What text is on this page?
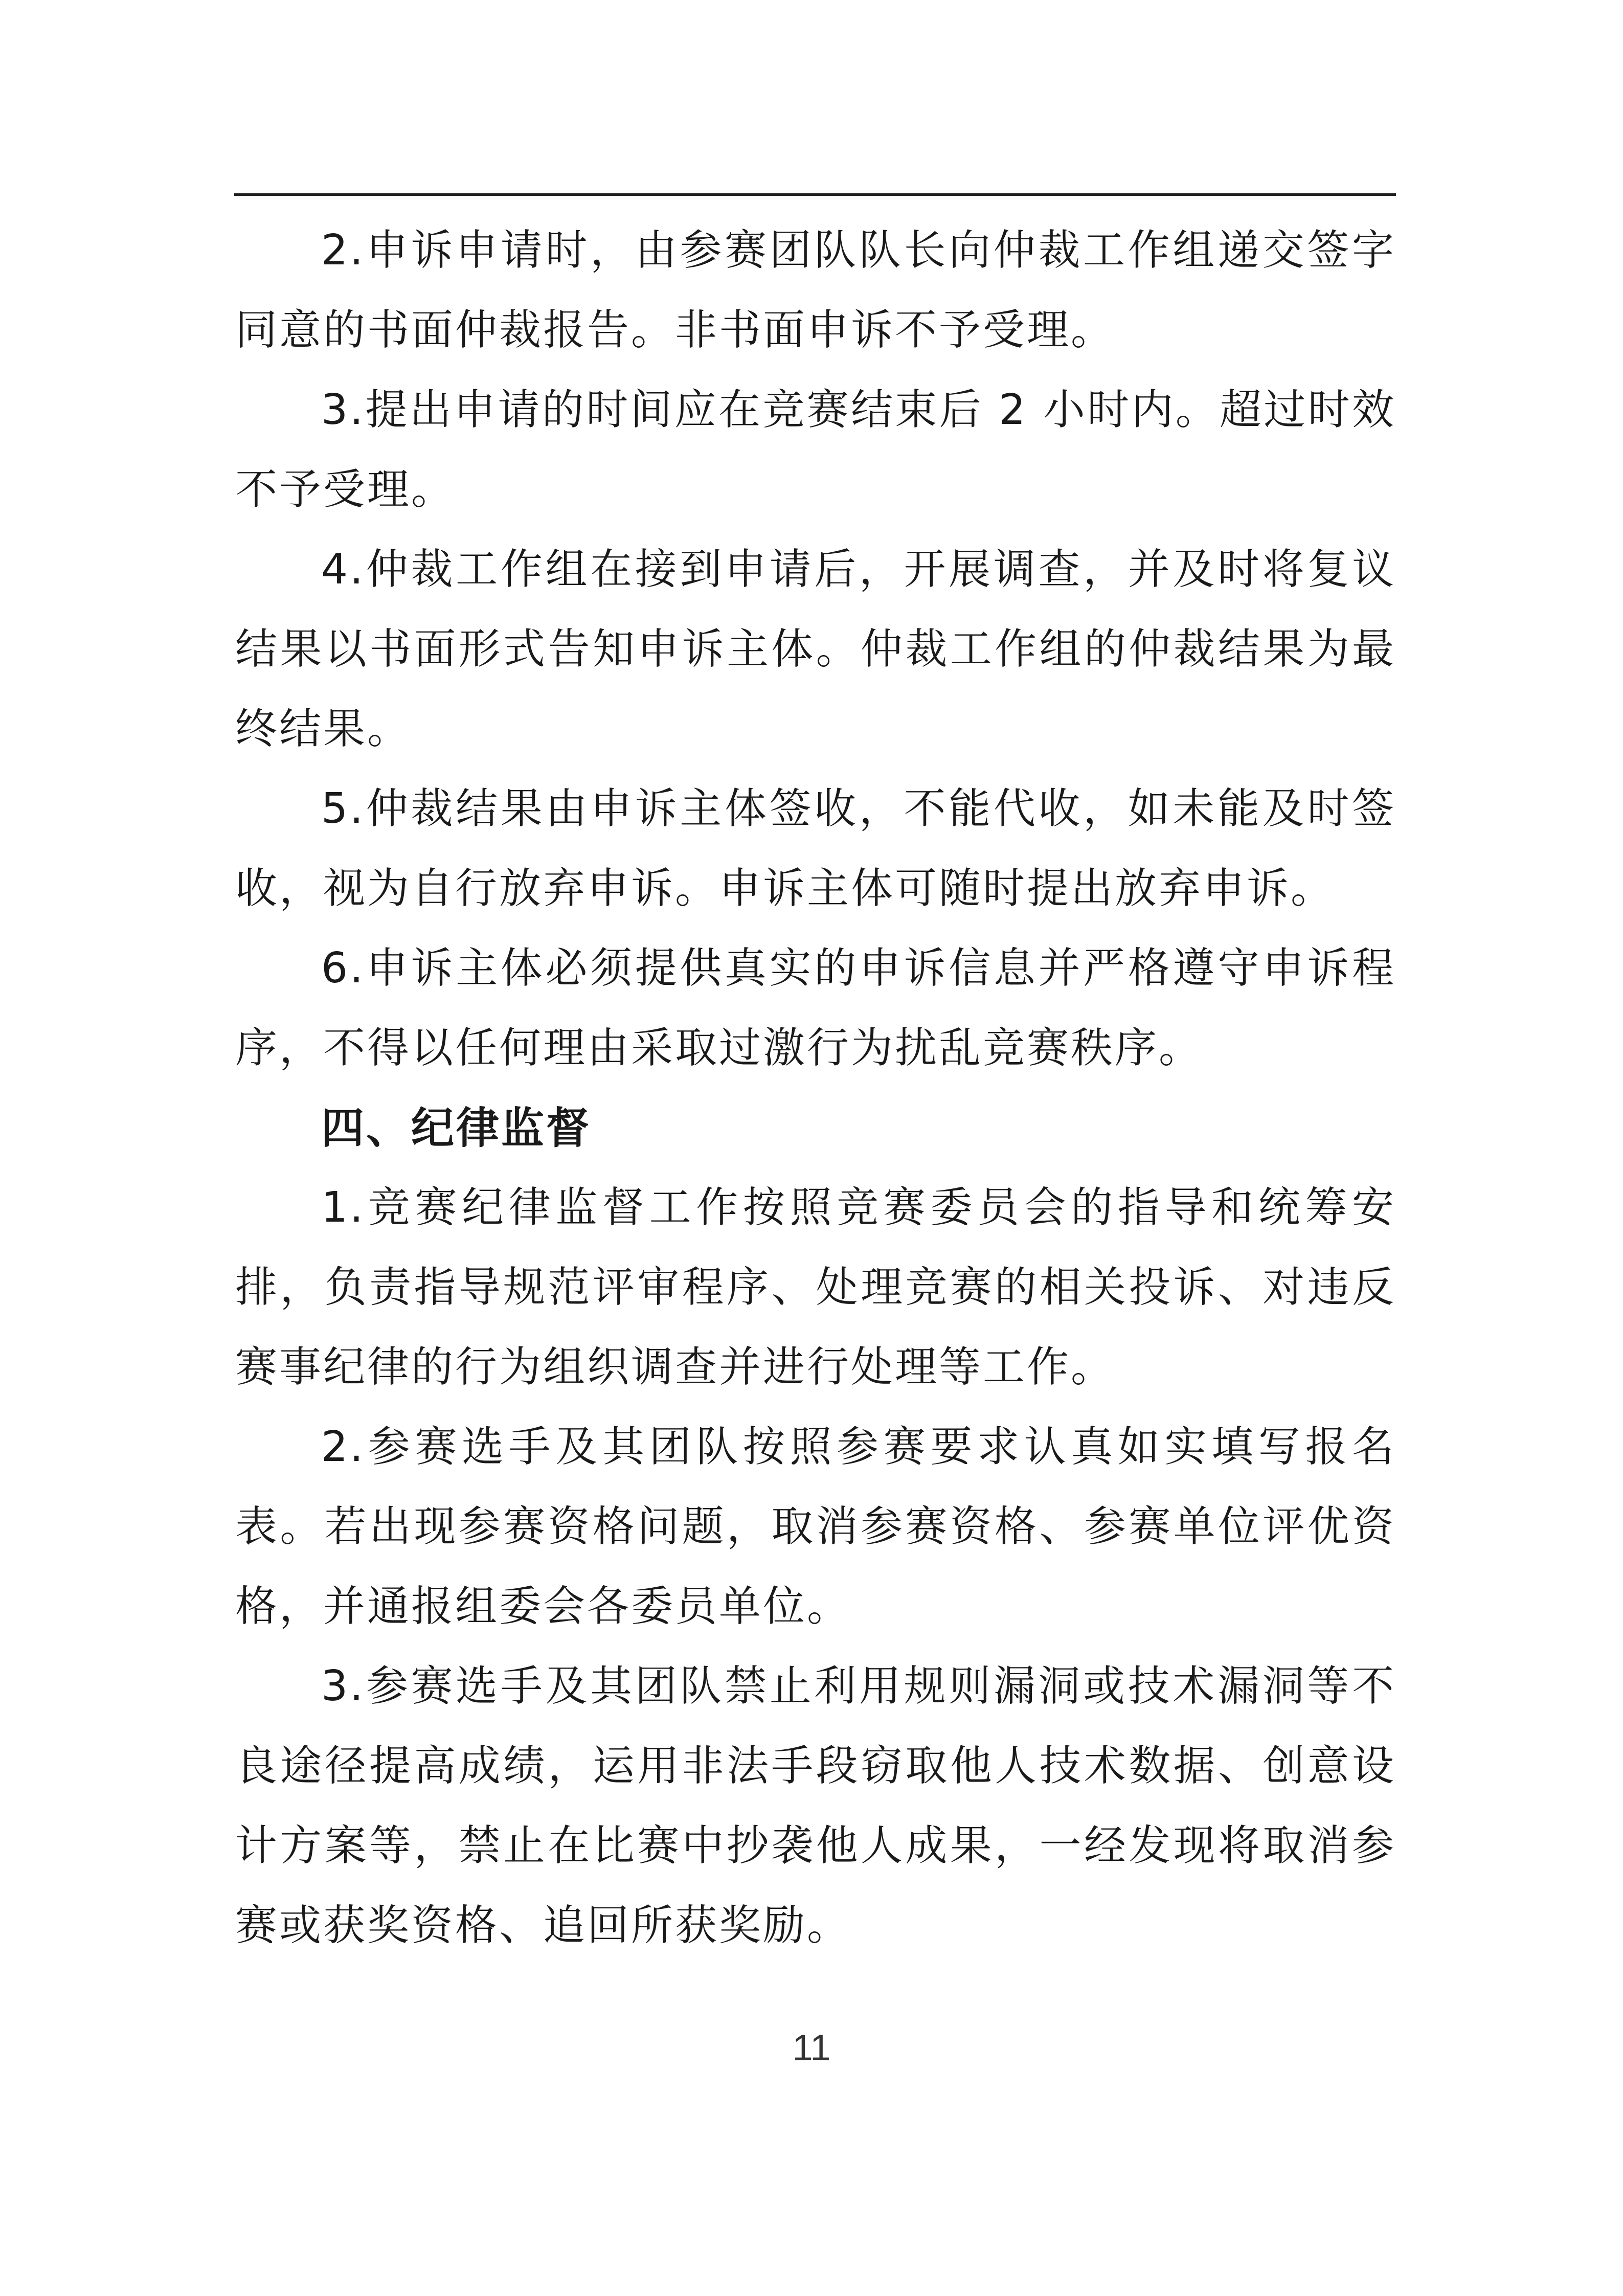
2.申诉申请时，由参赛团队队长向仲裁工作组递交签字同意的书面仲裁报告。非书面申诉不予受理。

3.提出申请的时间应在竞赛结束后 2 小时内。超过时效不予受理。

4.仲裁工作组在接到申请后，开展调查，并及时将复议结果以书面形式告知申诉主体。仲裁工作组的仲裁结果为最终结果。

5.仲裁结果由申诉主体签收，不能代收，如未能及时签收，视为自行放弃申诉。申诉主体可随时提出放弃申诉。

6.申诉主体必须提供真实的申诉信息并严格遵守申诉程序，不得以任何理由采取过激行为扰乱竞赛秩序。

四、纪律监督

1.竞赛纪律监督工作按照竞赛委员会的指导和统筹安排，负责指导规范评审程序、处理竞赛的相关投诉、对违反赛事纪律的行为组织调查并进行处理等工作。

2.参赛选手及其团队按照参赛要求认真如实填写报名表。若出现参赛资格问题，取消参赛资格、参赛单位评优资格，并通报组委会各委员单位。

3.参赛选手及其团队禁止利用规则漏洞或技术漏洞等不良途径提高成绩，运用非法手段窃取他人技术数据、创意设计方案等，禁止在比赛中抄袭他人成果，一经发现将取消参赛或获奖资格、追回所获奖励。

11
